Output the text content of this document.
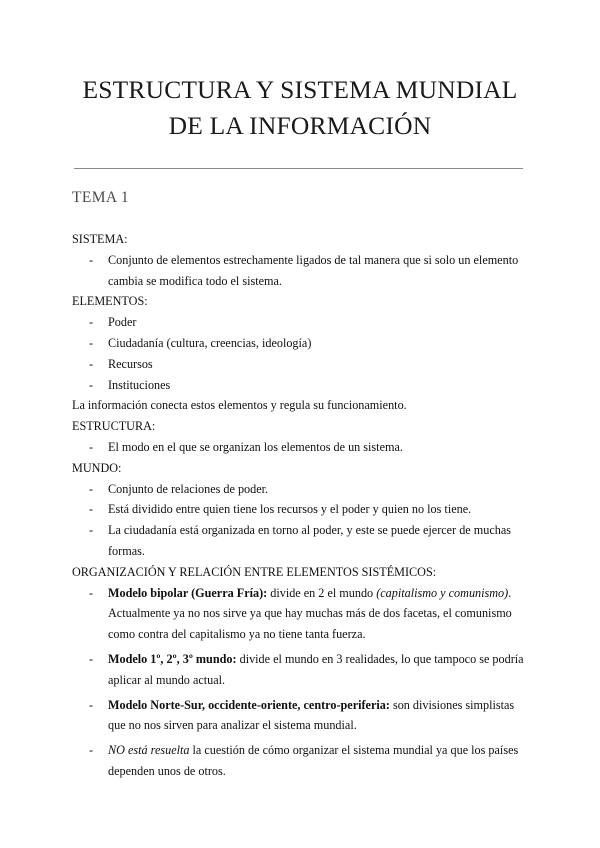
ESTRUCTURA Y SISTEMA MUNDIAL
DE LA INFORMACIÓN
TEMA 1

SISTEMA:

- Conjunto de elementos estrechamente ligados de tal manera que si solo un elemento cambia se modifica todo el sistema.

ELEMENTOS:

- Poder
- Ciudadanía (cultura, creencias, ideología)
- Recursos
- Instituciones

La información conecta estos elementos y regula su funcionamiento.

ESTRUCTURA:

- El modo en el que se organizan los elementos de un sistema.

MUNDO:

- Conjunto de relaciones de poder.
- Está dividido entre quien tiene los recursos y el poder y quien no los tiene.
- La ciudadanía está organizada en torno al poder, y este se puede ejercer de muchas formas.

ORGANIZACIÓN Y RELACIÓN ENTRE ELEMENTOS SISTÉMICOS:

- Modelo bipolar (Guerra Fría): divide en 2 el mundo (capitalismo y comunismo). Actualmente ya no nos sirve ya que hay muchas más de dos facetas, el comunismo como contra del capitalismo ya no tiene tanta fuerza.
- Modelo 1º, 2º, 3º mundo: divide el mundo en 3 realidades, lo que tampoco se podría aplicar al mundo actual.
- Modelo Norte-Sur, occidente-oriente, centro-periferia: son divisiones simplistas que no nos sirven para analizar el sistema mundial.
- NO está resuelta la cuestión de cómo organizar el sistema mundial ya que los países dependen unos de otros.
